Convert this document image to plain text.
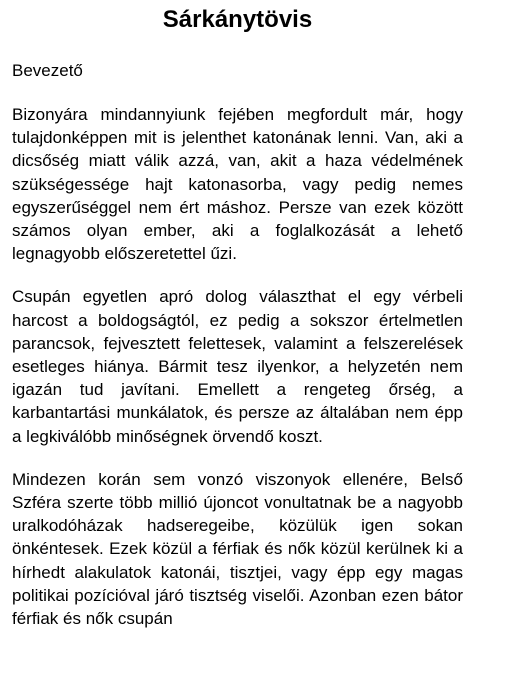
Sárkánytövis
Bevezető

Bizonyára mindannyiunk fejében megfordult már, hogy tulajdonképpen mit is jelenthet katonának lenni. Van, aki a dicsőség miatt válik azzá, van, akit a haza védelmének szükségessége hajt katonasorba, vagy pedig nemes egyszerűséggel nem ért máshoz. Persze van ezek között számos olyan ember, aki a foglalkozását a lehető legnagyobb előszeretettel űzi.

Csupán egyetlen apró dolog választhat el egy vérbeli harcost a boldogságtól, ez pedig a sokszor értelmetlen parancsok, fejvesztett felettesek, valamint a felszerelések esetleges hiánya. Bármit tesz ilyenkor, a helyzetén nem igazán tud javítani. Emellett a rengeteg őrség, a karbantartási munkálatok, és persze az általában nem épp a legkiválóbb minőségnek örvendő koszt.

Mindezen korán sem vonzó viszonyok ellenére, Belső Szféra szerte több millió újoncot vonultatnak be a nagyobb uralkodóházak hadseregeibe, közülük igen sokan önkéntesek. Ezek közül a férfiak és nők közül kerülnek ki a hírhedt alakulatok katonái, tisztjei, vagy épp egy magas politikai pozícióval járó tisztség viselői. Azonban ezen bátor férfiak és nők csupán
